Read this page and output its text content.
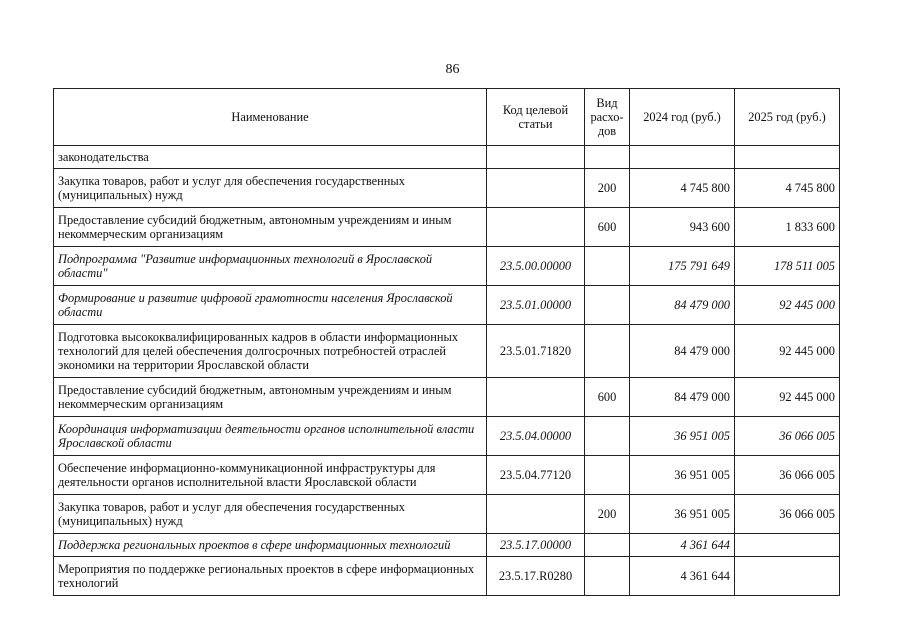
86
Наименование	Код целевой статьи	Вид расхо-дов	2024 год (руб.)	2025 год (руб.)
законодательства				
Закупка товаров, работ и услуг для обеспечения государственных (муниципальных) нужд		200	4 745 800	4 745 800
Предоставление субсидий бюджетным, автономным учреждениям и иным некоммерческим организациям		600	943 600	1 833 600
Подпрограмма "Развитие информационных технологий в Ярославской области"	23.5.00.00000		175 791 649	178 511 005
Формирование и развитие цифровой грамотности населения Ярославской области	23.5.01.00000		84 479 000	92 445 000
Подготовка высококвалифицированных кадров в области информационных технологий для целей обеспечения долгосрочных потребностей отраслей экономики на территории Ярославской области	23.5.01.71820		84 479 000	92 445 000
Предоставление субсидий бюджетным, автономным учреждениям и иным некоммерческим организациям		600	84 479 000	92 445 000
Координация информатизации деятельности органов исполнительной власти Ярославской области	23.5.04.00000		36 951 005	36 066 005
Обеспечение информационно-коммуникационной инфраструктуры для деятельности органов исполнительной власти Ярославской области	23.5.04.77120		36 951 005	36 066 005
Закупка товаров, работ и услуг для обеспечения государственных (муниципальных) нужд		200	36 951 005	36 066 005
Поддержка региональных проектов в сфере информационных технологий	23.5.17.00000		4 361 644	
Мероприятия по поддержке региональных проектов в сфере информационных технологий	23.5.17.R0280		4 361 644	
